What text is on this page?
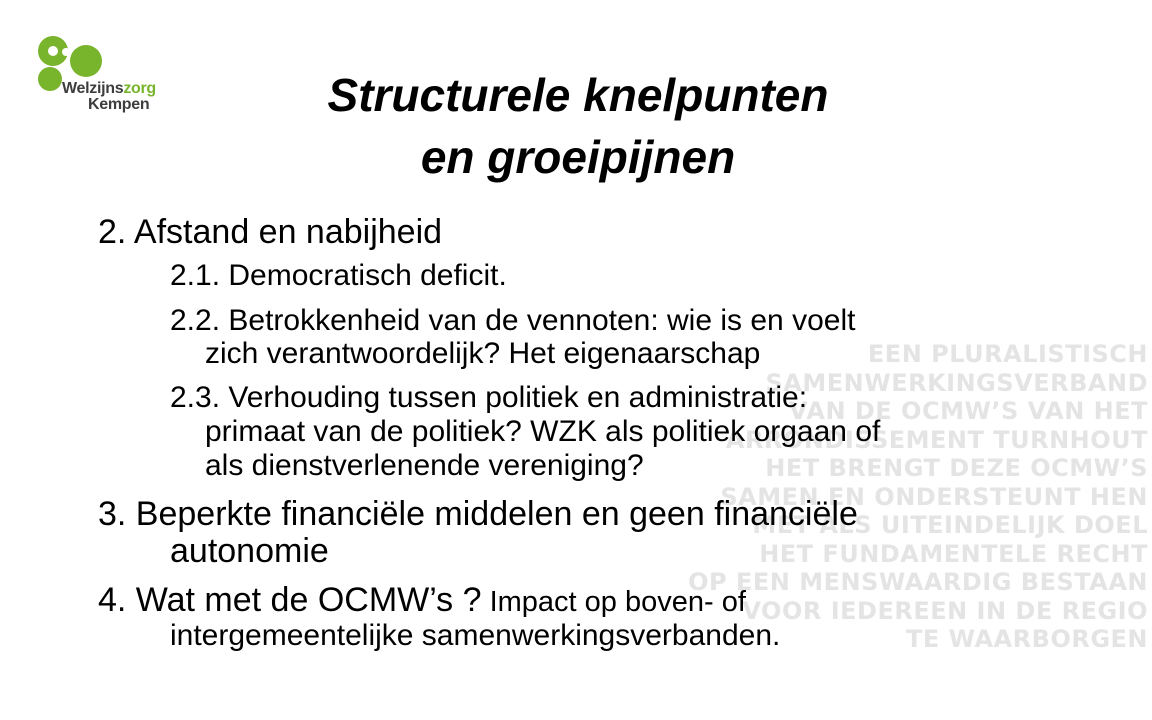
EEN PLURALISTISCH
SAMENWERKINGSVERBAND
VAN DE OCMW’S VAN HET
ARRONDISSEMENT TURNHOUT
HET BRENGT DEZE OCMW’S
SAMEN EN ONDERSTEUNT HEN
MET ALS UITEINDELIJK DOEL
HET FUNDAMENTELE RECHT
OP EEN MENSWAARDIG BESTAAN
VOOR IEDEREEN IN DE REGIO
TE WAARBORGEN
Welzijnszorg
Kempen	Structurele knelpunten
en groeipijnen
2. Afstand en nabijheid
2.1. Democratisch deficit.
2.2. Betrokkenheid van de vennoten: wie is en voelt
zich verantwoordelijk? Het eigenaarschap
2.3. Verhouding tussen politiek en administratie:
primaat van de politiek? WZK als politiek orgaan of
als dienstverlenende vereniging?
3. Beperkte financiële middelen en geen financiële
autonomie
4. Wat met de OCMW’s ? Impact op boven- of
intergemeentelijke samenwerkingsverbanden.
